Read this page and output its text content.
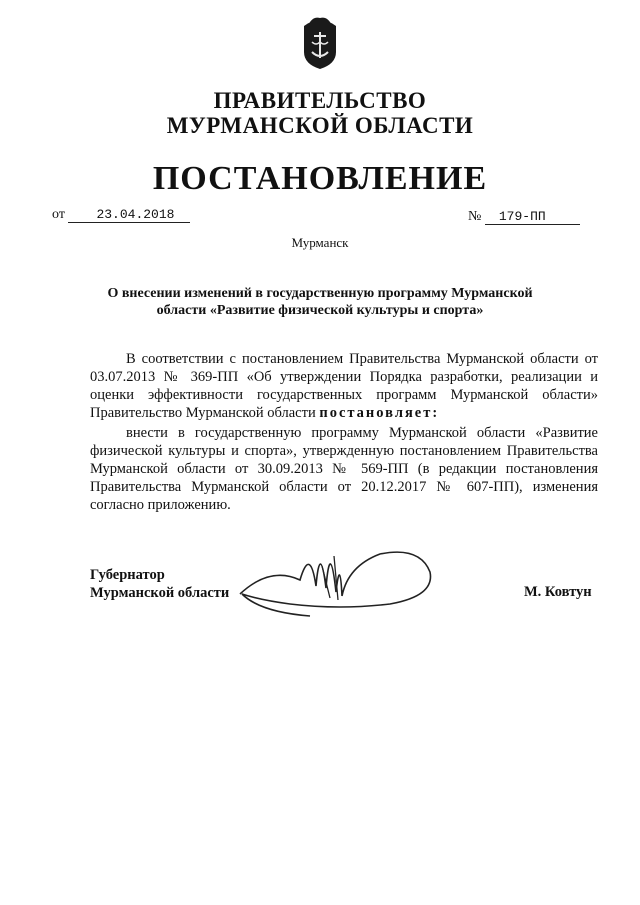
ПРАВИТЕЛЬСТВО
МУРМАНСКОЙ ОБЛАСТИ
ПОСТАНОВЛЕНИЕ
от 23.04.2018	№ 179-ПП
Мурманск
О внесении изменений в государственную программу Мурманской области «Развитие физической культуры и спорта»
В соответствии с постановлением Правительства Мурманской области от 03.07.2013 № 369-ПП «Об утверждении Порядка разработки, реализации и оценки эффективности государственных программ Мурманской области» Правительство Мурманской области постановляет:
внести в государственную программу Мурманской области «Развитие физической культуры и спорта», утвержденную постановлением Правительства Мурманской области от 30.09.2013 № 569-ПП (в редакции постановления Правительства Мурманской области от 20.12.2017 № 607-ПП), изменения согласно приложению.
Губернатор
Мурманской области	М. Ковтун
